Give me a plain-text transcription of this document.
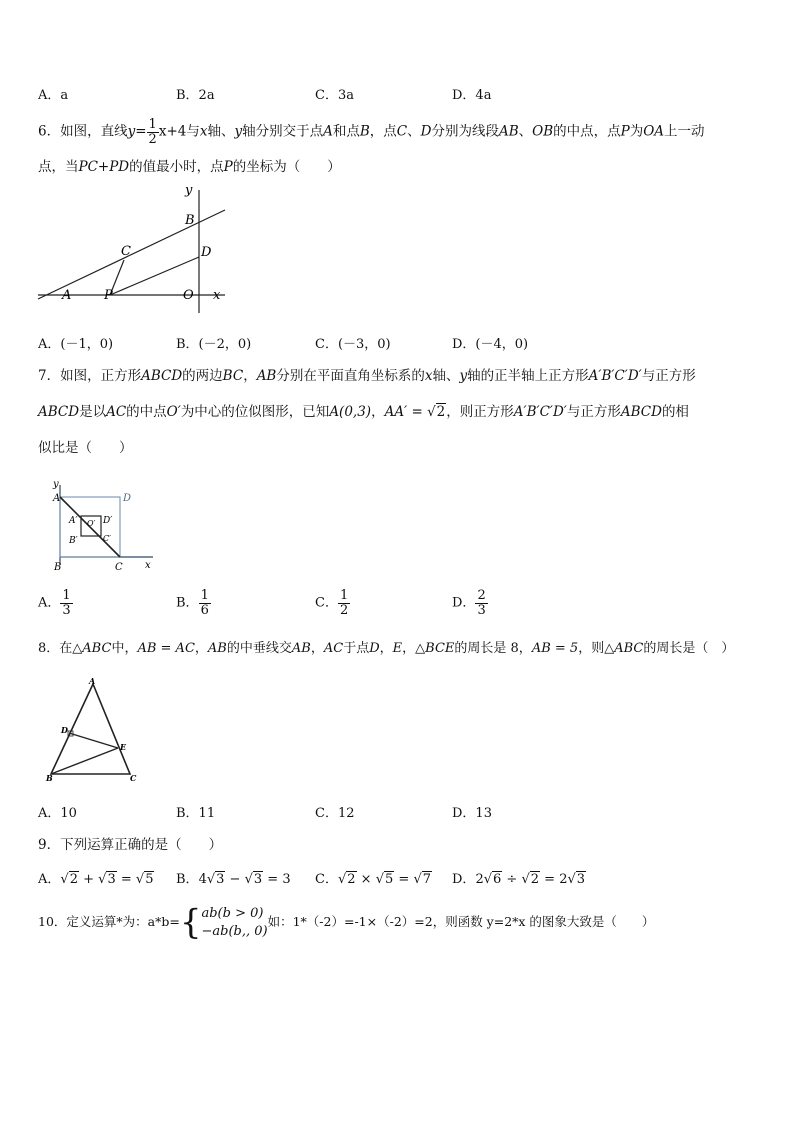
A．a	B．2a	C．3a	D．4a
6．如图，直线$y= \frac{1}{2} x+4$与x轴、y轴分别交于点A和点B，点C、D分别为线段AB、OB的中点，点P为OA上一动
点，当PC+PD的值最小时，点P的坐标为（　　）
y
B
C	D
A	P	O x
A．(－1，0)	B．(－2，0)	C．(－3，0)	D．(－4，0)
7．如图，正方形ABCD的两边BC，AB分别在平面直角坐标系的x轴、y轴的正半轴上正方形A′B′C′D′与正方形
ABCD是以AC的中点O′为中心的位似图形，已知A(0,3)，AA′ = √2，则正方形A′B′C′D′与正方形ABCD的相
似比是（　　）
y
A	D
A′	D′
O′
B′	C′
B	C x
A． $\frac{1}{3}$	B． $\frac{1}{6}$	C． $\frac{1}{2}$	D． $\frac{2}{3}$
8．在△ABC中，AB = AC，AB的中垂线交AB，AC于点D，E，△BCE的周长是 8，AB = 5，则△ABC的周长是（　）
A
D
E
B	C
A．10	B．11	C．12	D．13
9．下列运算正确的是（　　）
A．√2 + √3 = √5 B．4√3 − √3 = 3 C．√2 × √5 = √7 D．2√6 ÷ √2 = 2√3
10．定义运算*为：a*b={ ab(b > 0)
−ab(b,, 0)
如：1*（-2）=-1×（-2）=2，则函数 y=2*x 的图象大致是（　　）
